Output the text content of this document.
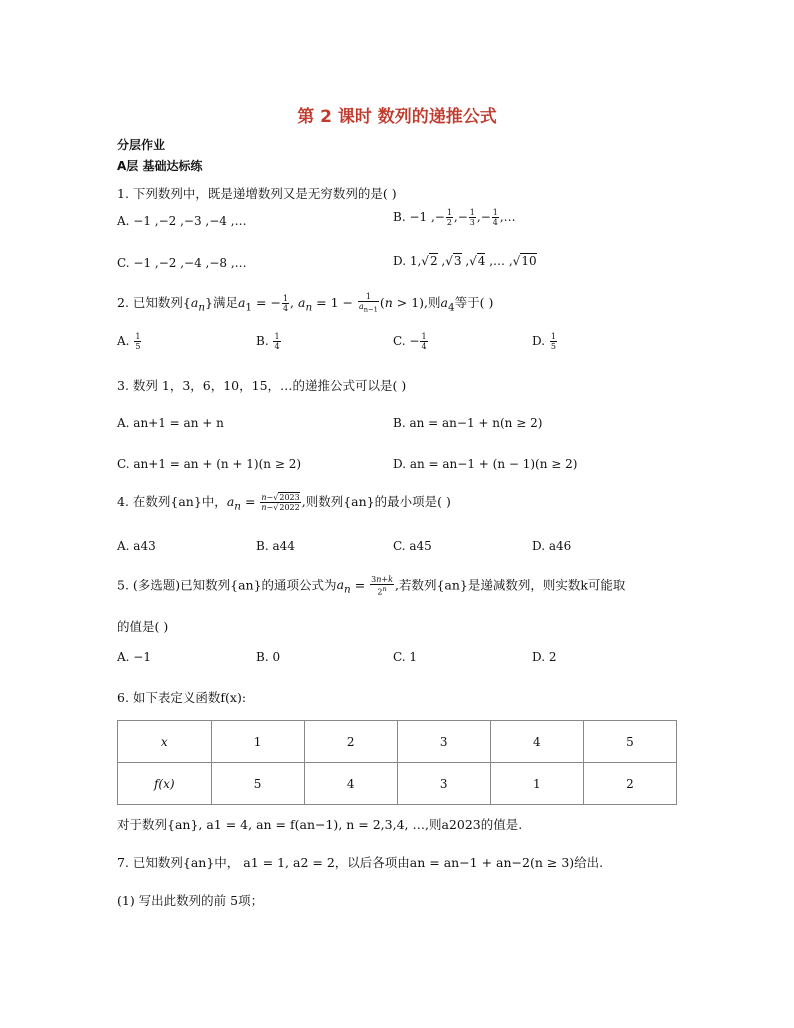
第 2 课时 数列的递推公式
分层作业
A层 基础达标练
1. 下列数列中，既是递增数列又是无穷数列的是( )
A. −1 ,−2 ,−3 ,−4 ,…	B. −1 ,− $\frac{1}{2}$ ,− $\frac{1}{3}$ ,− $\frac{1}{4}$ ,…
C. −1 ,−2 ,−4 ,−8 ,…	D. 1,√2 ,√3 ,√4 ,… ,√10
2. 已知数列$\{a_n\}$满足$a_1$ = − $\frac{1}{4}$ , $a_n = 1 - \frac{1}{a_{n-1}} (n > 1)$,则$a_4$等于( )
A. $\frac{1}{5}$	B. $\frac{1}{4}$	C. − $\frac{1}{4}$	D. $\frac{1}{5}$
3. 数列 1，3，6，10，15，…的递推公式可以是( )
A. an+1 = an + n	B. an = an−1 + n(n ≥ 2)
C. an+1 = an + (n + 1)(n ≥ 2)	D. an = an−1 + (n − 1)(n ≥ 2)
4. 在数列{an}中，$a_n = \frac{n-√2023}{n-√2022}$ ,则数列{an}的最小项是( )
A. a43	B. a44	C. a45	D. a46
5. (多选题)已知数列{an}的通项公式为$a_n = \frac{3n+k}{2^n}$ ,若数列{an}是递减数列，则实数k可能取
的值是( )
A. −1	B. 0	C. 1	D. 2
6. 如下表定义函数f(x):
x	1	2	3	4	5
f(x)	5	4	3	1	2
对于数列{an}, a1 = 4, an = f(an−1), n = 2,3,4, …,则a2023的值是.
7. 已知数列{an}中， a1 = 1, a2 = 2，以后各项由an = an−1 + an−2(n ≥ 3)给出.
(1) 写出此数列的前 5项；
